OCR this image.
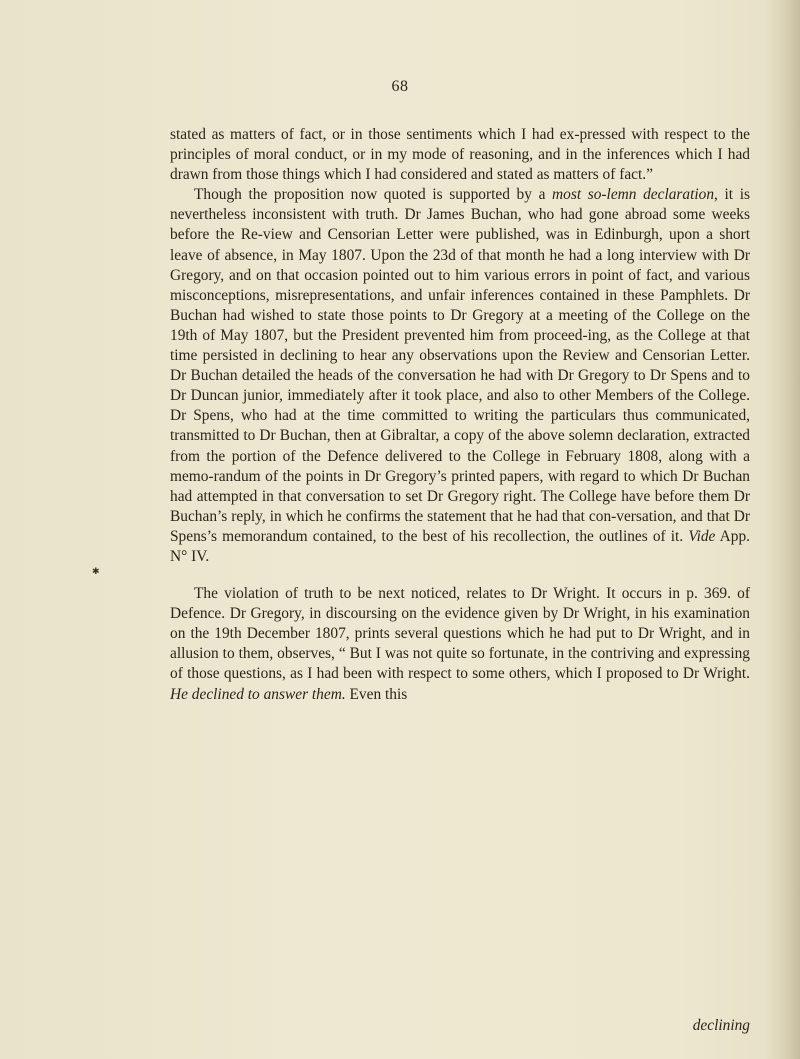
68

stated as matters of fact, or in those sentiments which I had ex-pressed with respect to the principles of moral conduct, or in my mode of reasoning, and in the inferences which I had drawn from those things which I had considered and stated as matters of fact.”

Though the proposition now quoted is supported by a most so-lemn declaration, it is nevertheless inconsistent with truth. Dr James Buchan, who had gone abroad some weeks before the Re-view and Censorian Letter were published, was in Edinburgh, upon a short leave of absence, in May 1807. Upon the 23d of that month he had a long interview with Dr Gregory, and on that occasion pointed out to him various errors in point of fact, and various misconceptions, misrepresentations, and unfair inferences contained in these Pamphlets. Dr Buchan had wished to state those points to Dr Gregory at a meeting of the College on the 19th of May 1807, but the President prevented him from proceed-ing, as the College at that time persisted in declining to hear any observations upon the Review and Censorian Letter. Dr Buchan detailed the heads of the conversation he had with Dr Gregory to Dr Spens and to Dr Duncan junior, immediately after it took place, and also to other Members of the College. Dr Spens, who had at the time committed to writing the particulars thus communicated, transmitted to Dr Buchan, then at Gibraltar, a copy of the above solemn declaration, extracted from the portion of the Defence delivered to the College in February 1808, along with a memo-randum of the points in Dr Gregory’s printed papers, with regard to which Dr Buchan had attempted in that conversation to set Dr Gregory right. The College have before them Dr Buchan’s reply, in which he confirms the statement that he had that con-versation, and that Dr Spens’s memorandum contained, to the best of his recollection, the outlines of it. Vide App. N° IV.

The violation of truth to be next noticed, relates to Dr Wright. It occurs in p. 369. of Defence. Dr Gregory, in discoursing on the evidence given by Dr Wright, in his examination on the 19th December 1807, prints several questions which he had put to Dr Wright, and in allusion to them, observes, “ But I was not quite so fortunate, in the contriving and expressing of those questions, as I had been with respect to some others, which I proposed to Dr Wright. He declined to answer them. Even this

✱
declining
